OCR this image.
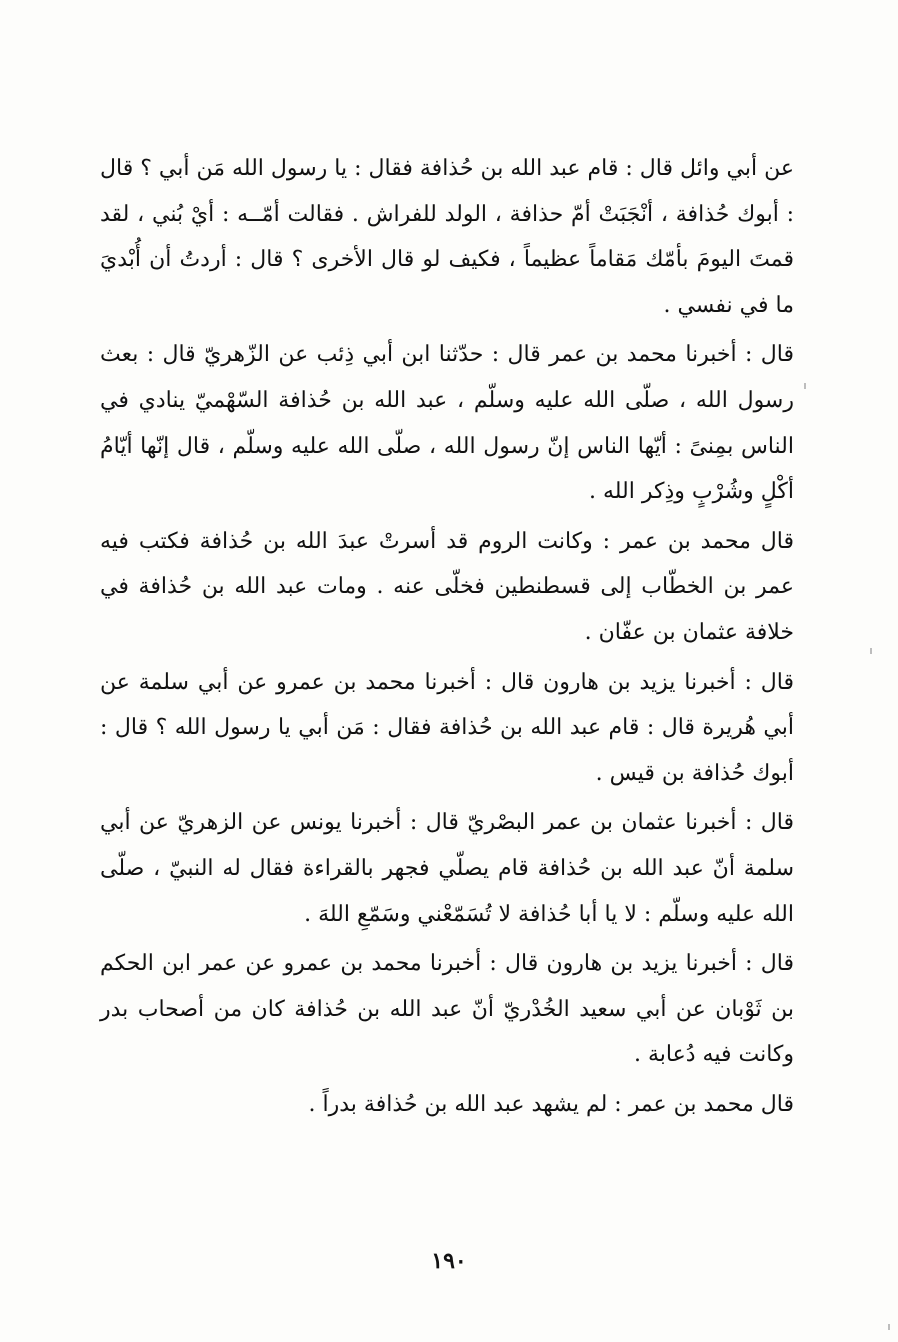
عن أبي وائل قال : قام عبد الله بن حُذافة فقال : يا رسول الله مَن أبي ؟ قال : أبوك حُذافة ، أنْجَبَتْ أمّ حذافة ، الولد للفراش . فقالت أمّــه : أيْ بُني ، لقد قمتَ اليومَ بأمّك مَقاماً عظيماً ، فكيف لو قال الأخرى ؟ قال : أردتُ أن أُبْديَ ما في نفسي .

قال : أخبرنا محمد بن عمر قال : حدّثنا ابن أبي ذِئب عن الزّهريّ قال : بعث رسول الله ، صلّى الله عليه وسلّم ، عبد الله بن حُذافة السّهْميّ ينادي في الناس بمِنىً : أيّها الناس إنّ رسول الله ، صلّى الله عليه وسلّم ، قال إنّها أيّامُ أكْلٍ وشُرْبٍ وذِكر الله .

قال محمد بن عمر : وكانت الروم قد أسرتْ عبدَ الله بن حُذافة فكتب فيه عمر بن الخطّاب إلى قسطنطين فخلّى عنه . ومات عبد الله بن حُذافة في خلافة عثمان بن عفّان .

قال : أخبرنا يزيد بن هارون قال : أخبرنا محمد بن عمرو عن أبي سلمة عن أبي هُريرة قال : قام عبد الله بن حُذافة فقال : مَن أبي يا رسول الله ؟ قال : أبوك حُذافة بن قيس .

قال : أخبرنا عثمان بن عمر البصْريّ قال : أخبرنا يونس عن الزهريّ عن أبي سلمة أنّ عبد الله بن حُذافة قام يصلّي فجهر بالقراءة فقال له النبيّ ، صلّى الله عليه وسلّم : لا يا أبا حُذافة لا تُسَمّعْني وسَمّعِ اللهَ .

قال : أخبرنا يزيد بن هارون قال : أخبرنا محمد بن عمرو عن عمر ابن الحكم بن ثَوْبان عن أبي سعيد الخُدْريّ أنّ عبد الله بن حُذافة كان من أصحاب بدر وكانت فيه دُعابة .

قال محمد بن عمر : لم يشهد عبد الله بن حُذافة بدراً .

١٩٠
